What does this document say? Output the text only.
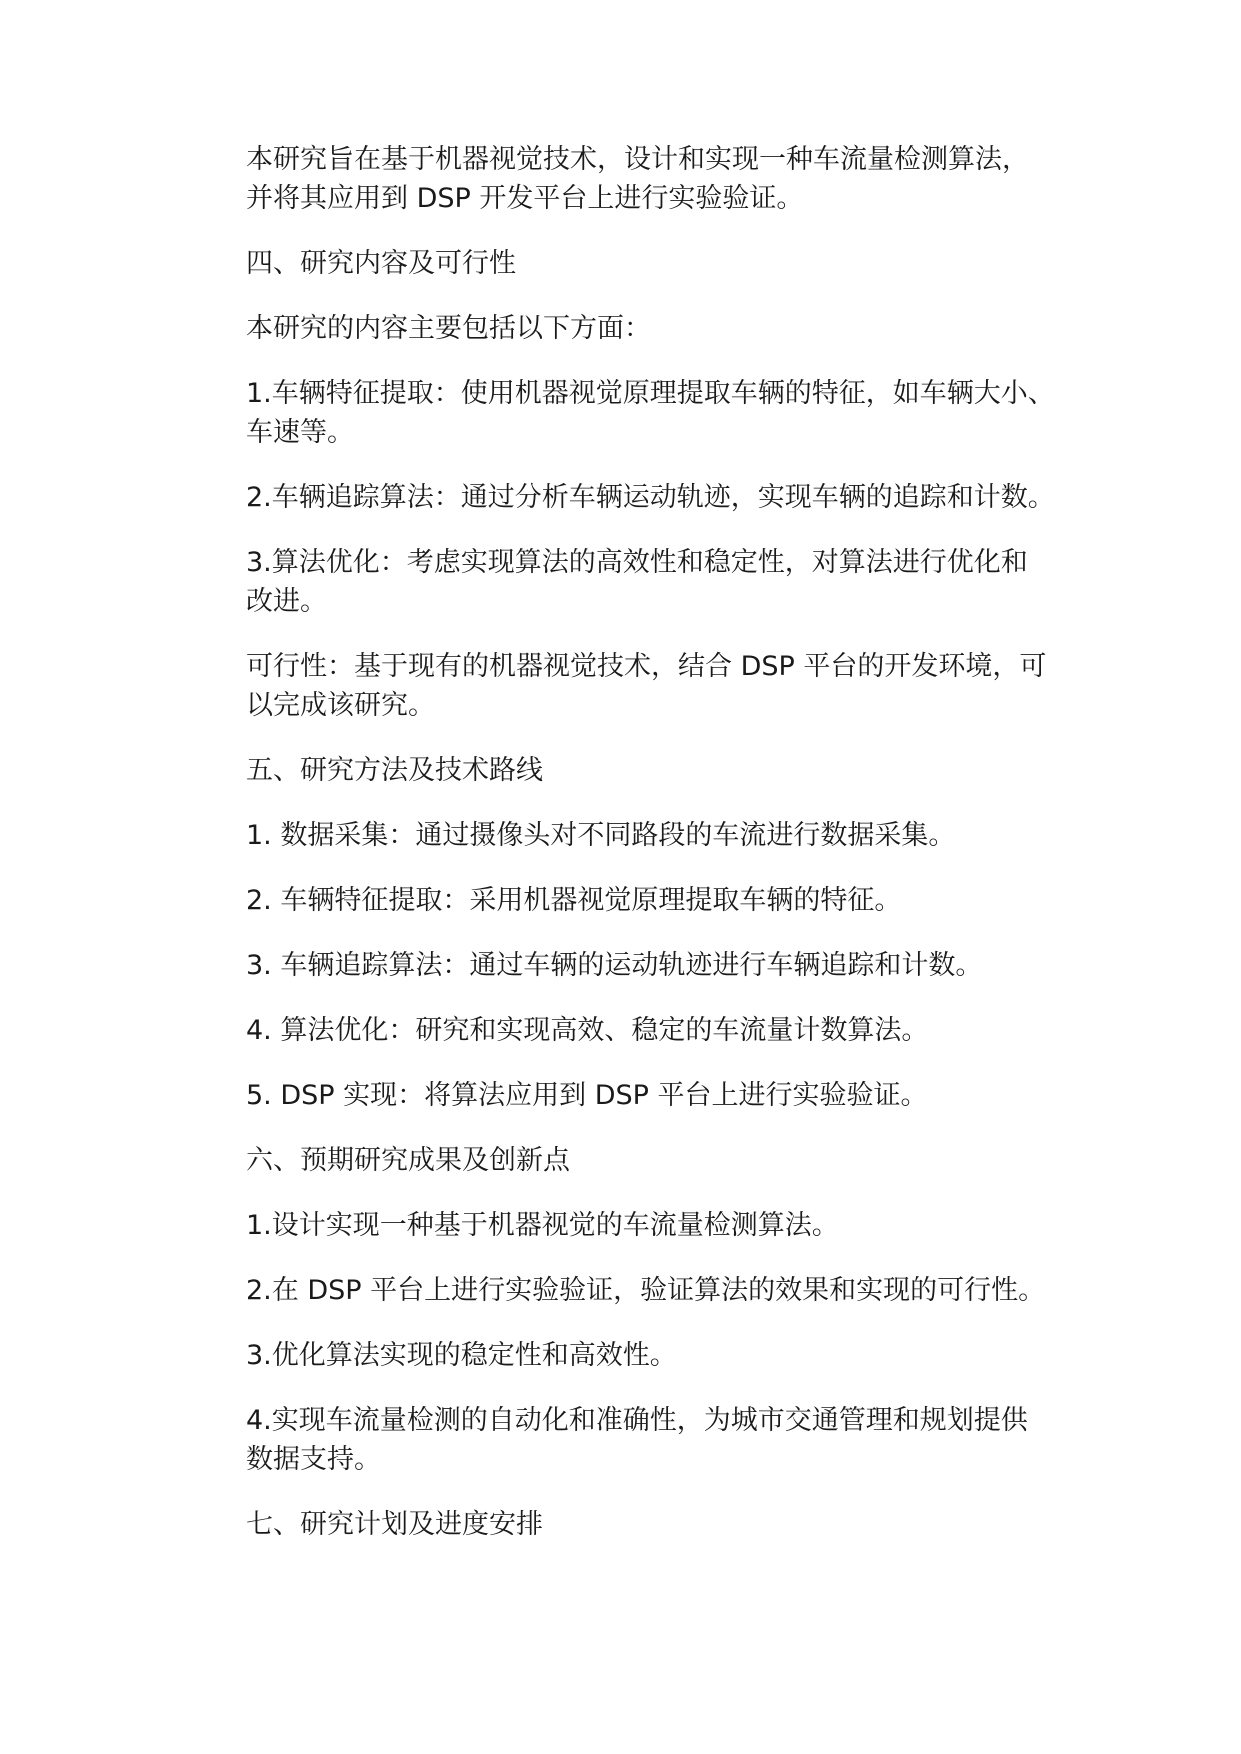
本研究旨在基于机器视觉技术，设计和实现一种车流量检测算法，
并将其应用到 DSP 开发平台上进行实验验证。

四、研究内容及可行性

本研究的内容主要包括以下方面：

1.车辆特征提取：使用机器视觉原理提取车辆的特征，如车辆大小、
车速等。

2.车辆追踪算法：通过分析车辆运动轨迹，实现车辆的追踪和计数。

3.算法优化：考虑实现算法的高效性和稳定性，对算法进行优化和
改进。

可行性：基于现有的机器视觉技术，结合 DSP 平台的开发环境，可
以完成该研究。

五、研究方法及技术路线

1. 数据采集：通过摄像头对不同路段的车流进行数据采集。

2. 车辆特征提取：采用机器视觉原理提取车辆的特征。

3. 车辆追踪算法：通过车辆的运动轨迹进行车辆追踪和计数。

4. 算法优化：研究和实现高效、稳定的车流量计数算法。

5. DSP 实现：将算法应用到 DSP 平台上进行实验验证。

六、预期研究成果及创新点

1.设计实现一种基于机器视觉的车流量检测算法。

2.在 DSP 平台上进行实验验证，验证算法的效果和实现的可行性。

3.优化算法实现的稳定性和高效性。

4.实现车流量检测的自动化和准确性，为城市交通管理和规划提供
数据支持。

七、研究计划及进度安排
